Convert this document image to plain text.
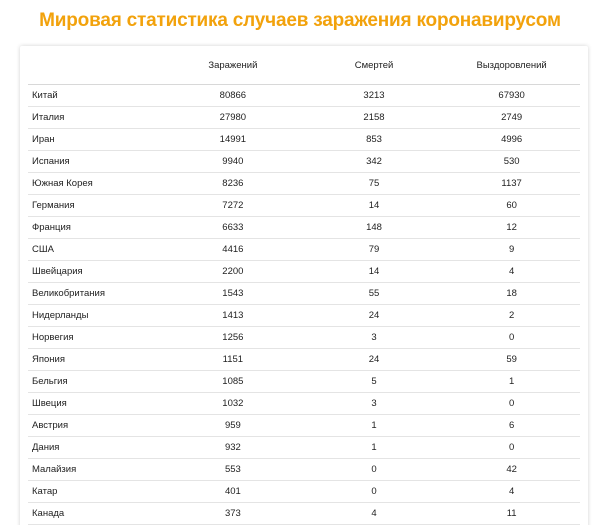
Мировая статистика случаев заражения коронавирусом
	Заражений	Смертей	Выздоровлений
Китай	80866	3213	67930
Италия	27980	2158	2749
Иран	14991	853	4996
Испания	9940	342	530
Южная Корея	8236	75	1137
Германия	7272	14	60
Франция	6633	148	12
США	4416	79	9
Швейцария	2200	14	4
Великобритания	1543	55	18
Нидерланды	1413	24	2
Норвегия	1256	3	0
Япония	1151	24	59
Бельгия	1085	5	1
Швеция	1032	3	0
Австрия	959	1	6
Дания	932	1	0
Малайзия	553	0	42
Катар	401	0	4
Канада	373	4	11
